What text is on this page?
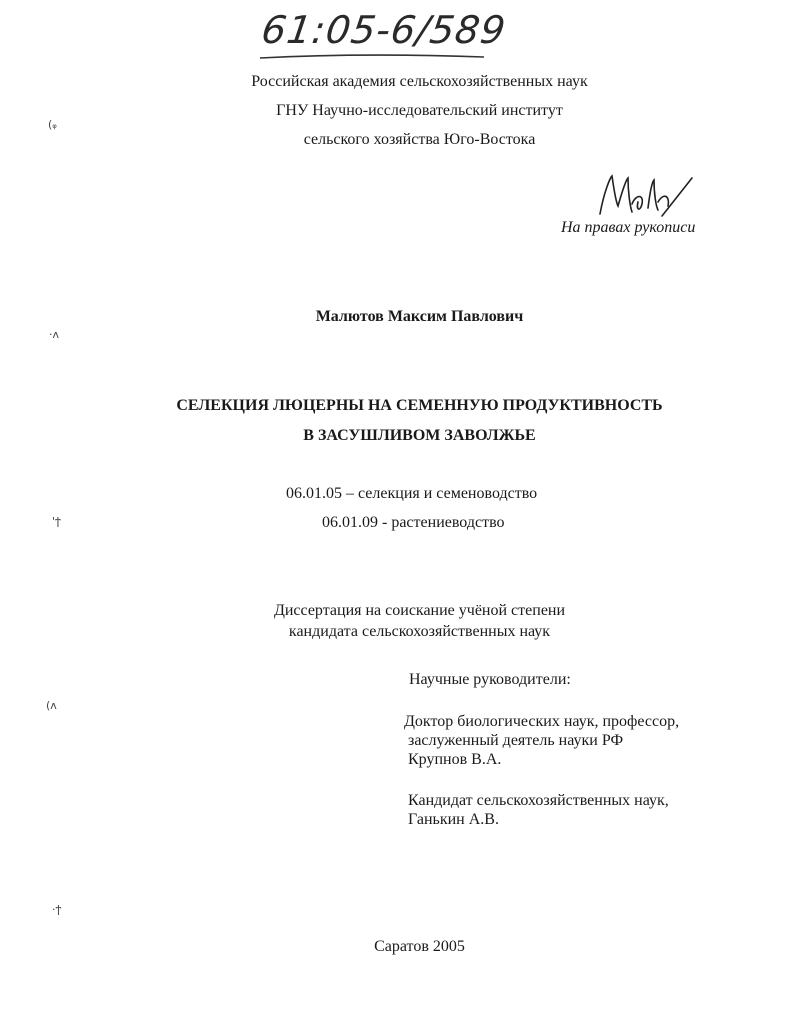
61:05-6/589
Российская академия сельскохозяйственных наук
ГНУ Научно-исследовательский институт
сельского хозяйства Юго-Востока
На правах рукописи
Малютов Максим Павлович
СЕЛЕКЦИЯ ЛЮЦЕРНЫ НА СЕМЕННУЮ ПРОДУКТИВНОСТЬ
В ЗАСУШЛИВОМ ЗАВОЛЖЬЕ
06.01.05 – селекция и семеноводство
06.01.09 - растениеводство
Диссертация на соискание учёной степени
кандидата сельскохозяйственных наук
Научные руководители:
Доктор биологических наук, профессор,
заслуженный деятель науки РФ
Крупнов В.А.
Кандидат сельскохозяйственных наук,
Ганькин А.В.
Саратов 2005
(ᵩ
·ʌ
'ϯ
(ʌ
·ϯ
